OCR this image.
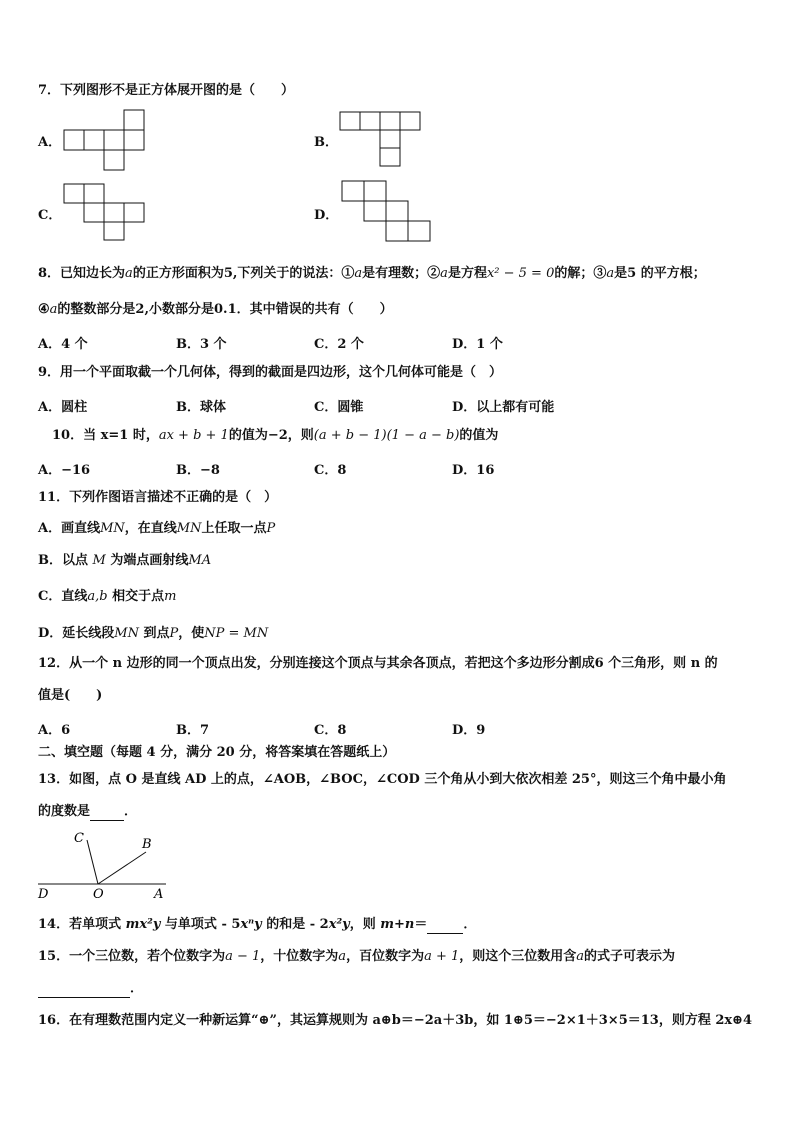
7．下列图形不是正方体展开图的是（　　）
A．	B．
C．	D．
8．已知边长为a的正方形面积为5,下列关于的说法：①a是有理数；②a是方程x² − 5 = 0的解；③a是5 的平方根；
④a的整数部分是2,小数部分是0.1．其中错误的共有（　　）
A．4 个	B．3 个	C．2 个	D．1 个
9．用一个平面取截一个几何体，得到的截面是四边形，这个几何体可能是（　）
A．圆柱	B．球体	C．圆锥	D．以上都有可能
10．当 x=1 时，ax + b + 1的值为−2，则(a + b − 1)(1 − a − b)的值为
A．−16	B．−8	C．8	D．16
11．下列作图语言描述不正确的是（　）
A．画直线MN，在直线MN上任取一点P
B．以点 M 为端点画射线MA
C．直线a,b 相交于点m
D．延长线段MN 到点P，使NP = MN
12．从一个 n 边形的同一个顶点出发，分别连接这个顶点与其余各顶点，若把这个多边形分割成6 个三角形，则 n 的
值是(　　)
A．6	B．7	C．8	D．9
二、填空题（每题 4 分，满分 20 分，将答案填在答题纸上）
13．如图，点 O 是直线 AD 上的点，∠AOB，∠BOC，∠COD 三个角从小到大依次相差 25°，则这三个角中最小角
的度数是	．
C	B
D	O	A
14．若单项式 mx²y 与单项式 - 5xⁿy 的和是 - 2x²y，则 m+n＝	．
15．一个三位数，若个位数字为a − 1，十位数字为a，百位数字为a + 1，则这个三位数用含a的式子可表示为
．
16．在有理数范围内定义一种新运算“⊕”，其运算规则为 a⊕b＝−2a＋3b，如 1⊕5＝−2×1＋3×5＝13，则方程 2x⊕4
